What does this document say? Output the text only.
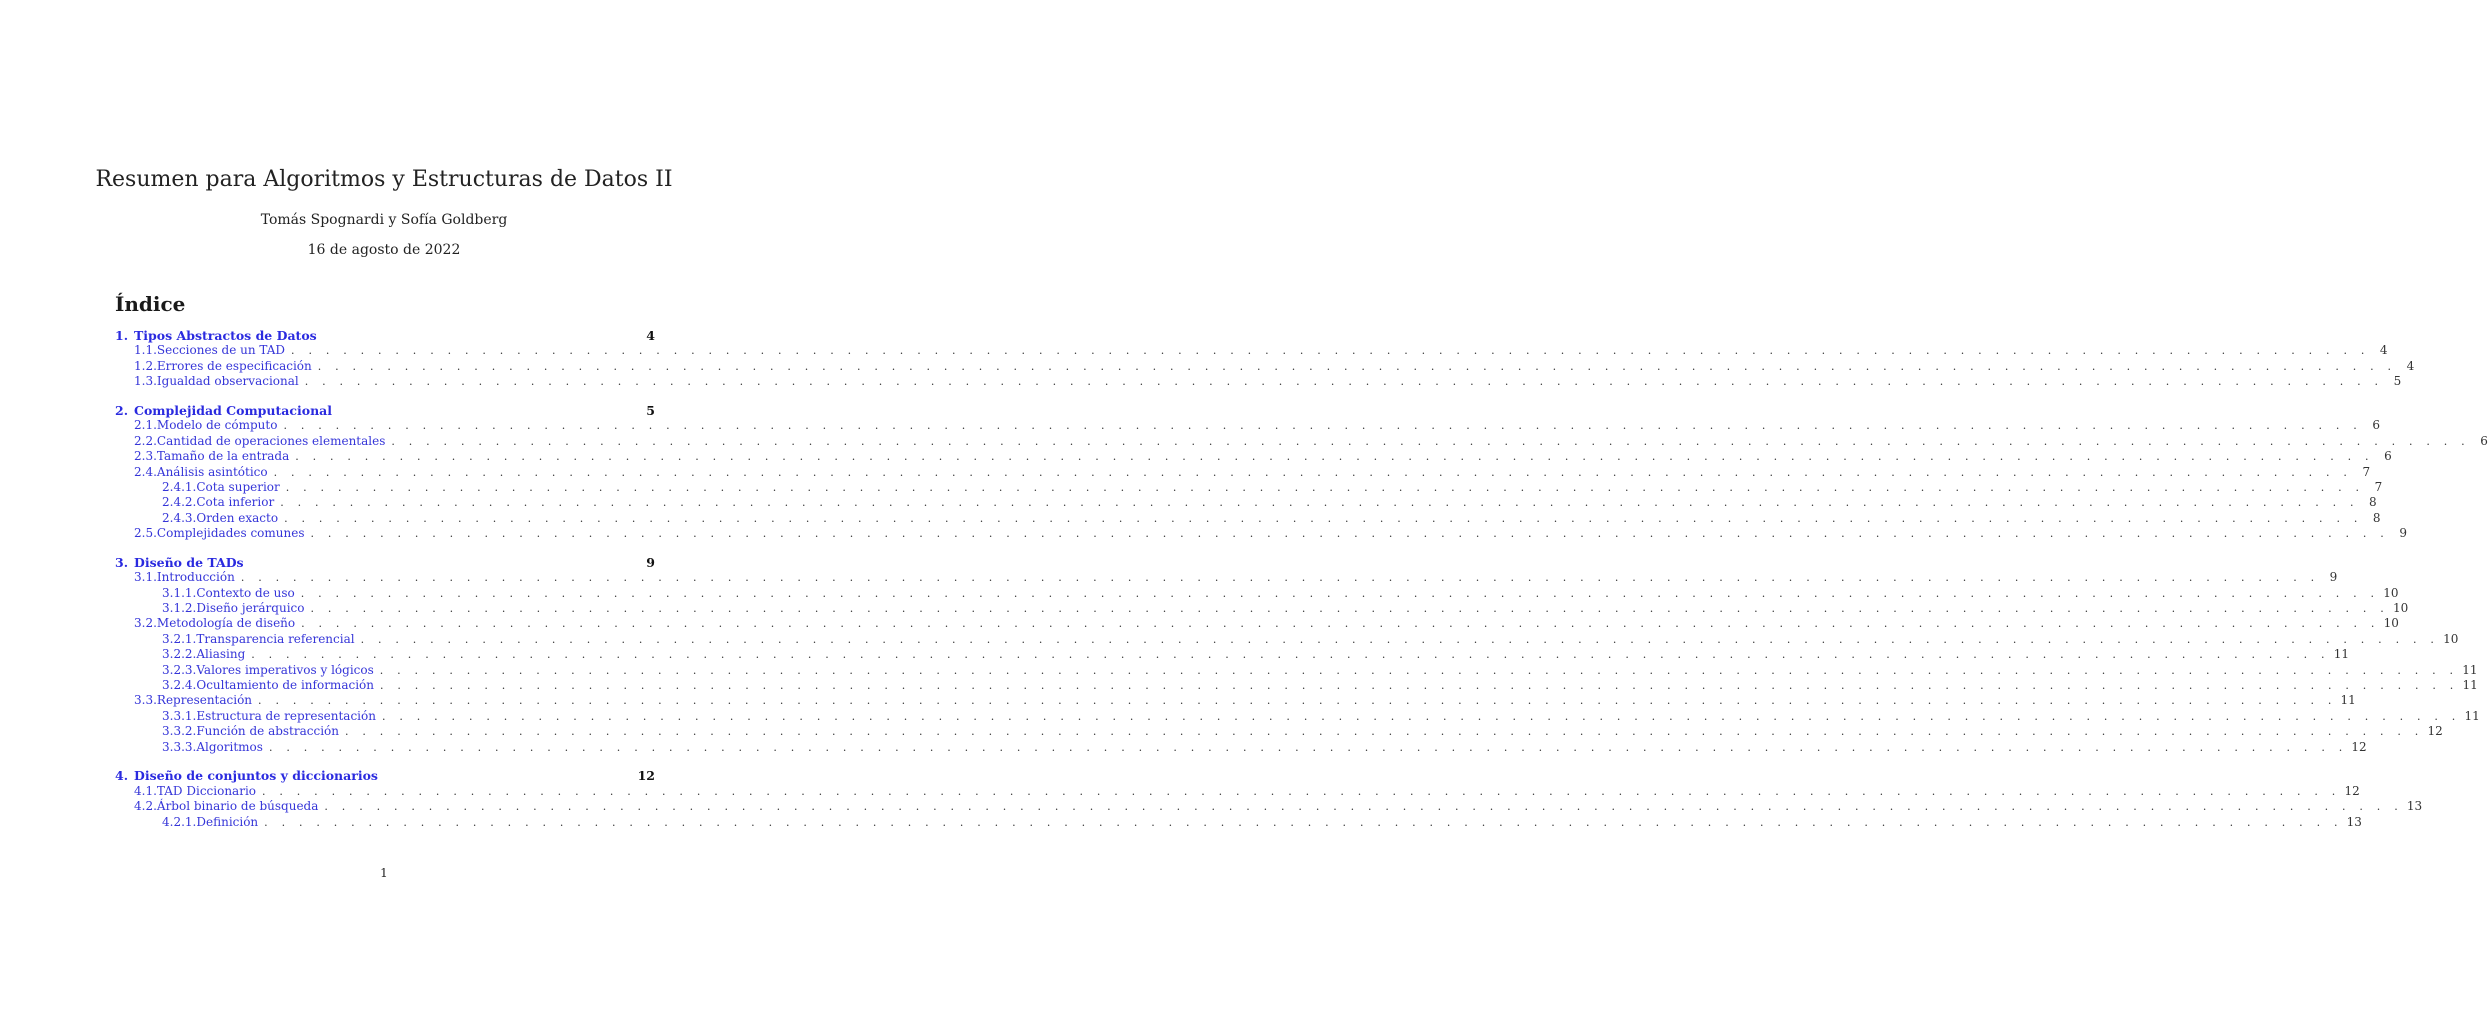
Resumen para Algoritmos y Estructuras de Datos II
Tomás Spognardi y Sofía Goldberg
16 de agosto de 2022
Índice
1. Tipos Abstractos de Datos	4
1.1. Secciones de un TAD . . . . . . . . . . . . . . . . . . . . . . . . . . . . . . . . . . . . . . . . . . . . . . . . . . . . . . . . . . . . . . . . . . . . . . . . . . . . . . . . . . . . . . . . . . . . . . . . . . . . . . . . . . . . . . . . . . . . . . . . 4
1.2. Errores de especificación . . . . . . . . . . . . . . . . . . . . . . . . . . . . . . . . . . . . . . . . . . . . . . . . . . . . . . . . . . . . . . . . . . . . . . . . . . . . . . . . . . . . . . . . . . . . . . . . . . . . . . . . . . . . . . . . . . . . . . . . 4
1.3. Igualdad observacional . . . . . . . . . . . . . . . . . . . . . . . . . . . . . . . . . . . . . . . . . . . . . . . . . . . . . . . . . . . . . . . . . . . . . . . . . . . . . . . . . . . . . . . . . . . . . . . . . . . . . . . . . . . . . . . . . . . . . . . . 5
2. Complejidad Computacional	5
2.1. Modelo de cómputo . . . . . . . . . . . . . . . . . . . . . . . . . . . . . . . . . . . . . . . . . . . . . . . . . . . . . . . . . . . . . . . . . . . . . . . . . . . . . . . . . . . . . . . . . . . . . . . . . . . . . . . . . . . . . . . . . . . . . . . . 6
2.2. Cantidad de operaciones elementales . . . . . . . . . . . . . . . . . . . . . . . . . . . . . . . . . . . . . . . . . . . . . . . . . . . . . . . . . . . . . . . . . . . . . . . . . . . . . . . . . . . . . . . . . . . . . . . . . . . . . . . . . . . . . . . . . . . . . . . . 6
2.3. Tamaño de la entrada . . . . . . . . . . . . . . . . . . . . . . . . . . . . . . . . . . . . . . . . . . . . . . . . . . . . . . . . . . . . . . . . . . . . . . . . . . . . . . . . . . . . . . . . . . . . . . . . . . . . . . . . . . . . . . . . . . . . . . . . 6
2.4. Análisis asintótico . . . . . . . . . . . . . . . . . . . . . . . . . . . . . . . . . . . . . . . . . . . . . . . . . . . . . . . . . . . . . . . . . . . . . . . . . . . . . . . . . . . . . . . . . . . . . . . . . . . . . . . . . . . . . . . . . . . . . . . . 7
2.4.1. Cota superior . . . . . . . . . . . . . . . . . . . . . . . . . . . . . . . . . . . . . . . . . . . . . . . . . . . . . . . . . . . . . . . . . . . . . . . . . . . . . . . . . . . . . . . . . . . . . . . . . . . . . . . . . . . . . . . . . . . . . . . . 7
2.4.2. Cota inferior . . . . . . . . . . . . . . . . . . . . . . . . . . . . . . . . . . . . . . . . . . . . . . . . . . . . . . . . . . . . . . . . . . . . . . . . . . . . . . . . . . . . . . . . . . . . . . . . . . . . . . . . . . . . . . . . . . . . . . . . 8
2.4.3. Orden exacto . . . . . . . . . . . . . . . . . . . . . . . . . . . . . . . . . . . . . . . . . . . . . . . . . . . . . . . . . . . . . . . . . . . . . . . . . . . . . . . . . . . . . . . . . . . . . . . . . . . . . . . . . . . . . . . . . . . . . . . . 8
2.5. Complejidades comunes . . . . . . . . . . . . . . . . . . . . . . . . . . . . . . . . . . . . . . . . . . . . . . . . . . . . . . . . . . . . . . . . . . . . . . . . . . . . . . . . . . . . . . . . . . . . . . . . . . . . . . . . . . . . . . . . . . . . . . . . 9
3. Diseño de TADs	9
3.1. Introducción . . . . . . . . . . . . . . . . . . . . . . . . . . . . . . . . . . . . . . . . . . . . . . . . . . . . . . . . . . . . . . . . . . . . . . . . . . . . . . . . . . . . . . . . . . . . . . . . . . . . . . . . . . . . . . . . . . . . . . . . 9
3.1.1. Contexto de uso . . . . . . . . . . . . . . . . . . . . . . . . . . . . . . . . . . . . . . . . . . . . . . . . . . . . . . . . . . . . . . . . . . . . . . . . . . . . . . . . . . . . . . . . . . . . . . . . . . . . . . . . . . . . . . . . . . . . . . . . 10
3.1.2. Diseño jerárquico . . . . . . . . . . . . . . . . . . . . . . . . . . . . . . . . . . . . . . . . . . . . . . . . . . . . . . . . . . . . . . . . . . . . . . . . . . . . . . . . . . . . . . . . . . . . . . . . . . . . . . . . . . . . . . . . . . . . . . . . 10
3.2. Metodología de diseño . . . . . . . . . . . . . . . . . . . . . . . . . . . . . . . . . . . . . . . . . . . . . . . . . . . . . . . . . . . . . . . . . . . . . . . . . . . . . . . . . . . . . . . . . . . . . . . . . . . . . . . . . . . . . . . . . . . . . . . . 10
3.2.1. Transparencia referencial . . . . . . . . . . . . . . . . . . . . . . . . . . . . . . . . . . . . . . . . . . . . . . . . . . . . . . . . . . . . . . . . . . . . . . . . . . . . . . . . . . . . . . . . . . . . . . . . . . . . . . . . . . . . . . . . . . . . . . . . 10
3.2.2. Aliasing . . . . . . . . . . . . . . . . . . . . . . . . . . . . . . . . . . . . . . . . . . . . . . . . . . . . . . . . . . . . . . . . . . . . . . . . . . . . . . . . . . . . . . . . . . . . . . . . . . . . . . . . . . . . . . . . . . . . . . . . 11
3.2.3. Valores imperativos y lógicos . . . . . . . . . . . . . . . . . . . . . . . . . . . . . . . . . . . . . . . . . . . . . . . . . . . . . . . . . . . . . . . . . . . . . . . . . . . . . . . . . . . . . . . . . . . . . . . . . . . . . . . . . . . . . . . . . . . . . . . . 11
3.2.4. Ocultamiento de información . . . . . . . . . . . . . . . . . . . . . . . . . . . . . . . . . . . . . . . . . . . . . . . . . . . . . . . . . . . . . . . . . . . . . . . . . . . . . . . . . . . . . . . . . . . . . . . . . . . . . . . . . . . . . . . . . . . . . . . . 11
3.3. Representación . . . . . . . . . . . . . . . . . . . . . . . . . . . . . . . . . . . . . . . . . . . . . . . . . . . . . . . . . . . . . . . . . . . . . . . . . . . . . . . . . . . . . . . . . . . . . . . . . . . . . . . . . . . . . . . . . . . . . . . . 11
3.3.1. Estructura de representación . . . . . . . . . . . . . . . . . . . . . . . . . . . . . . . . . . . . . . . . . . . . . . . . . . . . . . . . . . . . . . . . . . . . . . . . . . . . . . . . . . . . . . . . . . . . . . . . . . . . . . . . . . . . . . . . . . . . . . . . 11
3.3.2. Función de abstracción . . . . . . . . . . . . . . . . . . . . . . . . . . . . . . . . . . . . . . . . . . . . . . . . . . . . . . . . . . . . . . . . . . . . . . . . . . . . . . . . . . . . . . . . . . . . . . . . . . . . . . . . . . . . . . . . . . . . . . . . 12
3.3.3. Algoritmos . . . . . . . . . . . . . . . . . . . . . . . . . . . . . . . . . . . . . . . . . . . . . . . . . . . . . . . . . . . . . . . . . . . . . . . . . . . . . . . . . . . . . . . . . . . . . . . . . . . . . . . . . . . . . . . . . . . . . . . . 12
4. Diseño de conjuntos y diccionarios	12
4.1. TAD Diccionario . . . . . . . . . . . . . . . . . . . . . . . . . . . . . . . . . . . . . . . . . . . . . . . . . . . . . . . . . . . . . . . . . . . . . . . . . . . . . . . . . . . . . . . . . . . . . . . . . . . . . . . . . . . . . . . . . . . . . . . . 12
4.2. Árbol binario de búsqueda . . . . . . . . . . . . . . . . . . . . . . . . . . . . . . . . . . . . . . . . . . . . . . . . . . . . . . . . . . . . . . . . . . . . . . . . . . . . . . . . . . . . . . . . . . . . . . . . . . . . . . . . . . . . . . . . . . . . . . . . 13
4.2.1. Definición . . . . . . . . . . . . . . . . . . . . . . . . . . . . . . . . . . . . . . . . . . . . . . . . . . . . . . . . . . . . . . . . . . . . . . . . . . . . . . . . . . . . . . . . . . . . . . . . . . . . . . . . . . . . . . . . . . . . . . . . 13
1
